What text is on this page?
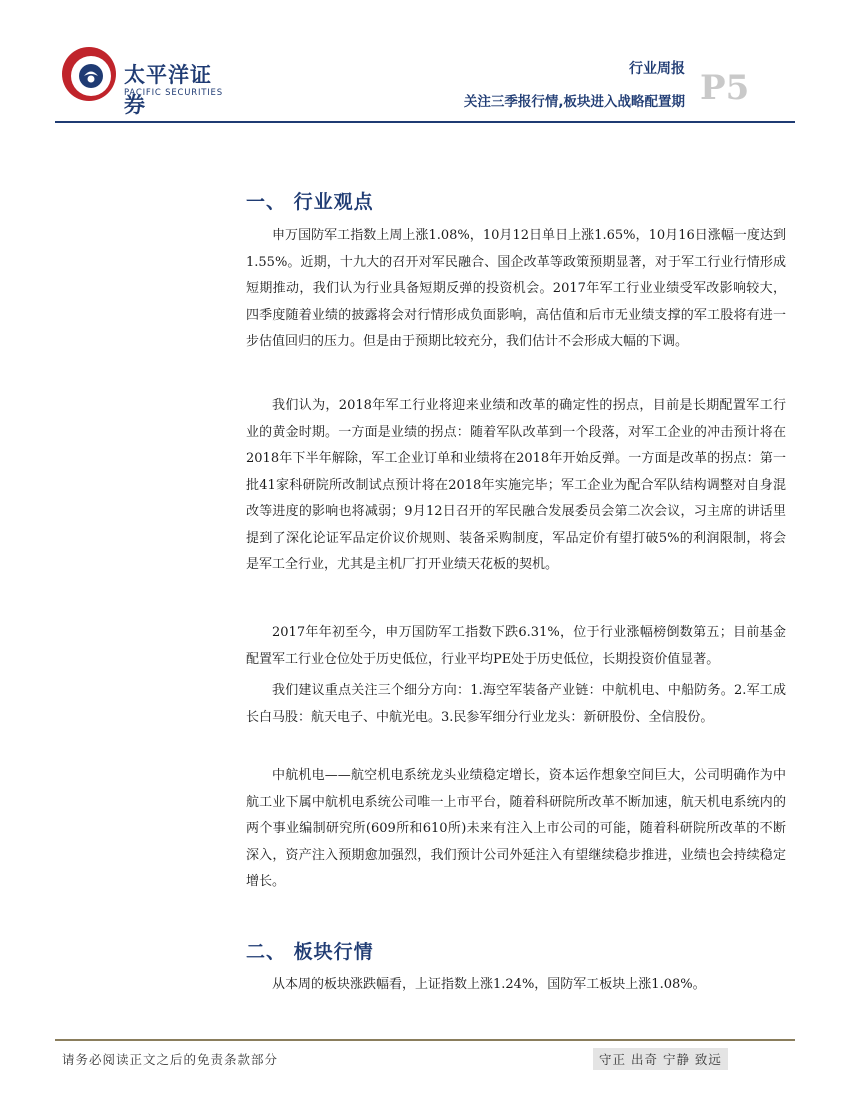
太平洋证券
PACIFIC SECURITIES
行业周报
关注三季报行情,板块进入战略配置期 P5
一、 行业观点

申万国防军工指数上周上涨1.08%，10月12日单日上涨1.65%，10月16日涨幅一度达到1.55%。近期，十九大的召开对军民融合、国企改革等政策预期显著，对于军工行业行情形成短期推动，我们认为行业具备短期反弹的投资机会。2017年军工行业业绩受军改影响较大，四季度随着业绩的披露将会对行情形成负面影响，高估值和后市无业绩支撑的军工股将有进一步估值回归的压力。但是由于预期比较充分，我们估计不会形成大幅的下调。

我们认为，2018年军工行业将迎来业绩和改革的确定性的拐点，目前是长期配置军工行业的黄金时期。一方面是业绩的拐点：随着军队改革到一个段落，对军工企业的冲击预计将在2018年下半年解除，军工企业订单和业绩将在2018年开始反弹。一方面是改革的拐点：第一批41家科研院所改制试点预计将在2018年实施完毕；军工企业为配合军队结构调整对自身混改等进度的影响也将减弱；9月12日召开的军民融合发展委员会第二次会议，习主席的讲话里提到了深化论证军品定价议价规则、装备采购制度，军品定价有望打破5%的利润限制，将会是军工全行业，尤其是主机厂打开业绩天花板的契机。

2017年年初至今，申万国防军工指数下跌6.31%，位于行业涨幅榜倒数第五；目前基金配置军工行业仓位处于历史低位，行业平均PE处于历史低位，长期投资价值显著。

我们建议重点关注三个细分方向：1.海空军装备产业链：中航机电、中船防务。2.军工成长白马股：航天电子、中航光电。3.民参军细分行业龙头：新研股份、全信股份。

中航机电——航空机电系统龙头业绩稳定增长，资本运作想象空间巨大，公司明确作为中航工业下属中航机电系统公司唯一上市平台，随着科研院所改革不断加速，航天机电系统内的两个事业编制研究所(609所和610所)未来有注入上市公司的可能，随着科研院所改革的不断深入，资产注入预期愈加强烈，我们预计公司外延注入有望继续稳步推进，业绩也会持续稳定增长。

二、 板块行情

从本周的板块涨跌幅看，上证指数上涨1.24%，国防军工板块上涨1.08%。

请务必阅读正文之后的免责条款部分	守正 出奇 宁静 致远
